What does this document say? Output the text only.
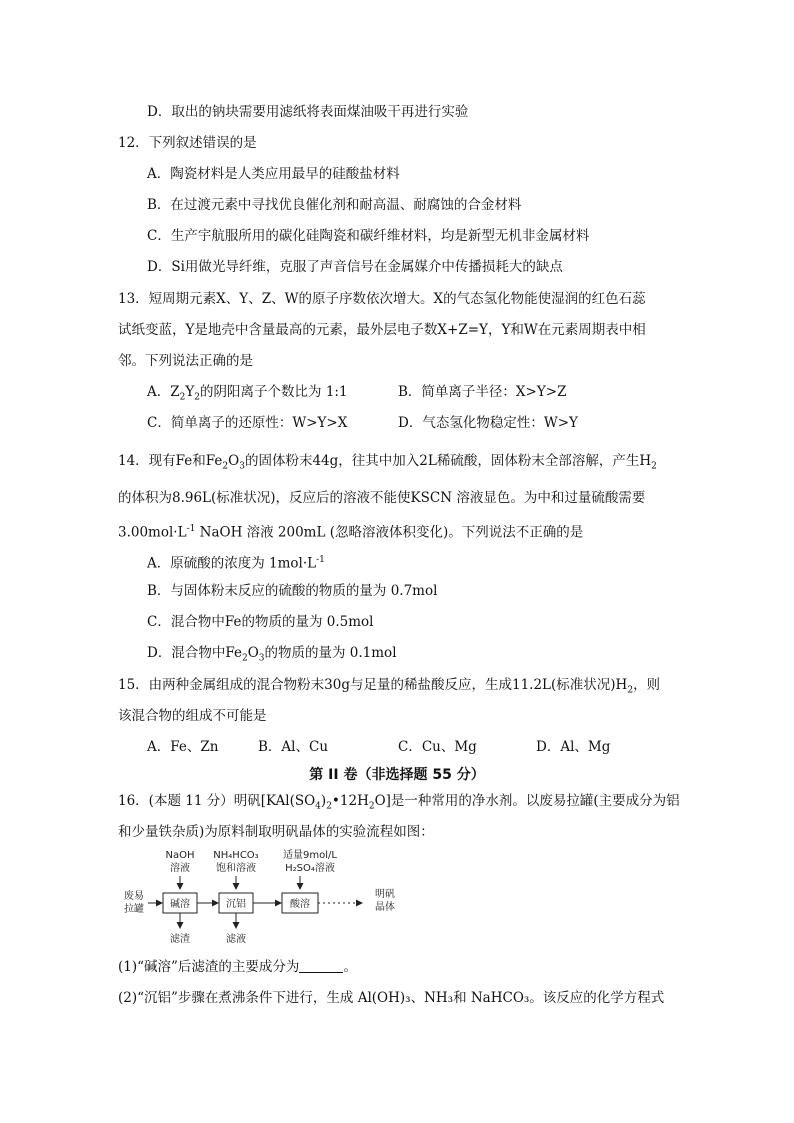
D．取出的钠块需要用滤纸将表面煤油吸干再进行实验
12．下列叙述错误的是
A．陶瓷材料是人类应用最早的硅酸盐材料
B．在过渡元素中寻找优良催化剂和耐高温、耐腐蚀的合金材料
C．生产宇航服所用的碳化硅陶瓷和碳纤维材料，均是新型无机非金属材料
D．Si用做光导纤维，克服了声音信号在金属媒介中传播损耗大的缺点
13．短周期元素X、Y、Z、W的原子序数依次增大。X的气态氢化物能使湿润的红色石蕊
试纸变蓝，Y是地壳中含量最高的元素，最外层电子数X+Z=Y，Y和W在元素周期表中相
邻。下列说法正确的是
A．$Z_2Y_2$的阴阳离子个数比为 1:1	B．简单离子半径：X>Y>Z
C．简单离子的还原性：W>Y>X	D．气态氢化物稳定性：W>Y
14．现有Fe和$Fe_2O_3$的固体粉末44g，往其中加入2L稀硫酸，固体粉末全部溶解，产生$H_2$
的体积为8.96L(标准状况)，反应后的溶液不能使KSCN 溶液显色。为中和过量硫酸需要
$3.00mol\cdot L^{-1}$ NaOH 溶液 200mL (忽略溶液体积变化)。下列说法不正确的是
A．原硫酸的浓度为 $1mol\cdot L^{-1}$
B．与固体粉末反应的硫酸的物质的量为 0.7mol
C．混合物中Fe的物质的量为 0.5mol
D．混合物中$Fe_2O_3$的物质的量为 0.1mol
15．由两种金属组成的混合物粉末30g与足量的稀盐酸反应，生成11.2L(标准状况)$H_2$，则
该混合物的组成不可能是
A．Fe、Zn	B．Al、Cu	C．Cu、Mg	D．Al、Mg
第 II 卷（非选择题 55 分）
16．(本题 11 分）明矾$[KAl(SO_4)_2•12H_2O]$是一种常用的净水剂。以废易拉罐(主要成分为铝
和少量铁杂质)为原料制取明矾晶体的实验流程如图：
NaOH
溶液
NH₄HCO₃
饱和溶液
适量9mol/L
H₂SO₄溶液
废易
拉罐	碱溶	沉铝	酸溶
明矾
晶体
滤渣	滤液
(1)“碱溶”后滤渣的主要成分为	。
(2)“沉铝”步骤在煮沸条件下进行，生成 Al(OH)₃、NH₃和 NaHCO₃。该反应的化学方程式
